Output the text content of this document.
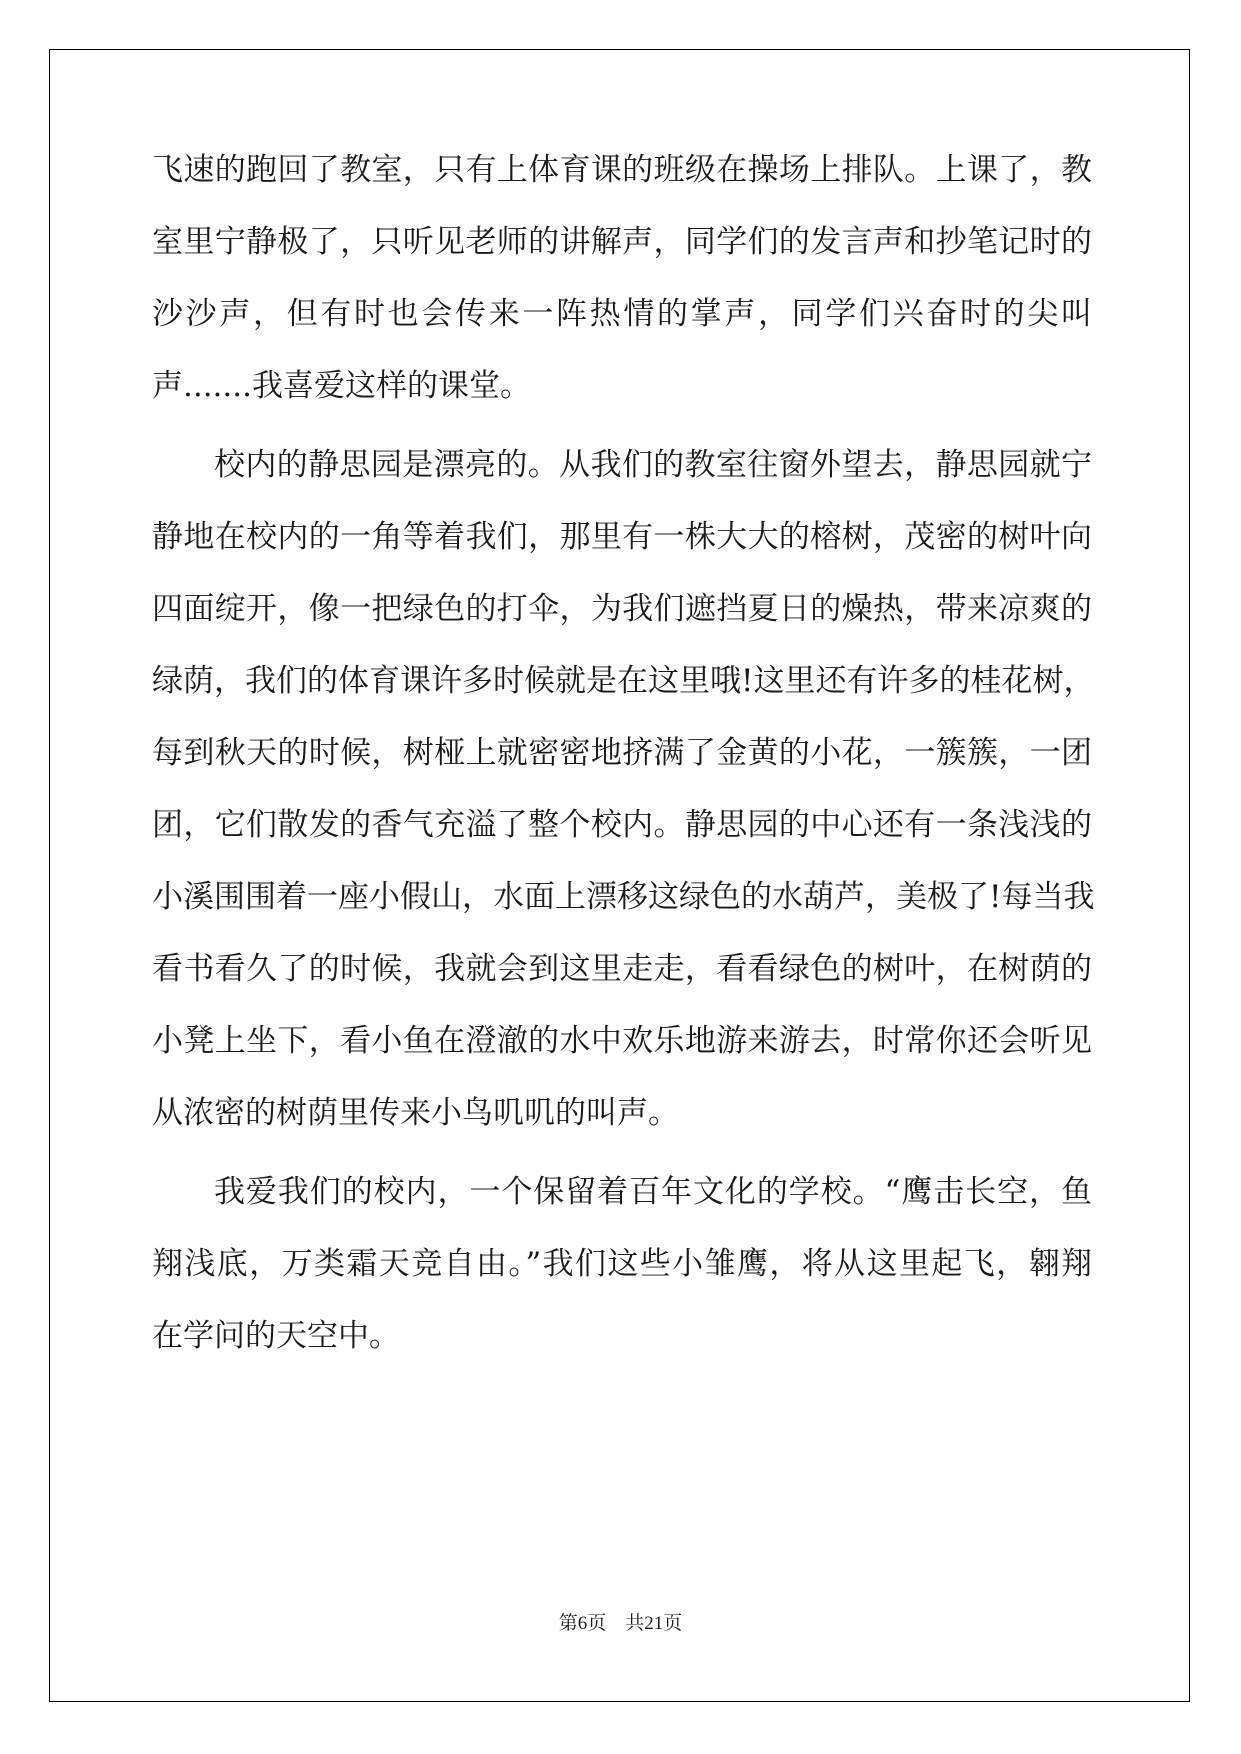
飞速的跑回了教室，只有上体育课的班级在操场上排队。上课了，教
室里宁静极了，只听见老师的讲解声，同学们的发言声和抄笔记时的
沙沙声，但有时也会传来一阵热情的掌声，同学们兴奋时的尖叫
声.......我喜爱这样的课堂。
校内的静思园是漂亮的。从我们的教室往窗外望去，静思园就宁
静地在校内的一角等着我们，那里有一株大大的榕树，茂密的树叶向
四面绽开，像一把绿色的打伞，为我们遮挡夏日的燥热，带来凉爽的
绿荫，我们的体育课许多时候就是在这里哦!这里还有许多的桂花树，
每到秋天的时候，树桠上就密密地挤满了金黄的小花，一簇簇，一团
团，它们散发的香气充溢了整个校内。静思园的中心还有一条浅浅的
小溪围围着一座小假山，水面上漂移这绿色的水葫芦，美极了!每当我
看书看久了的时候，我就会到这里走走，看看绿色的树叶，在树荫的
小凳上坐下，看小鱼在澄澈的水中欢乐地游来游去，时常你还会听见
从浓密的树荫里传来小鸟叽叽的叫声。
我爱我们的校内，一个保留着百年文化的学校。“鹰击长空，鱼
翔浅底，万类霜天竞自由。”我们这些小雏鹰，将从这里起飞，翱翔
在学问的天空中。
第6页    共21页
